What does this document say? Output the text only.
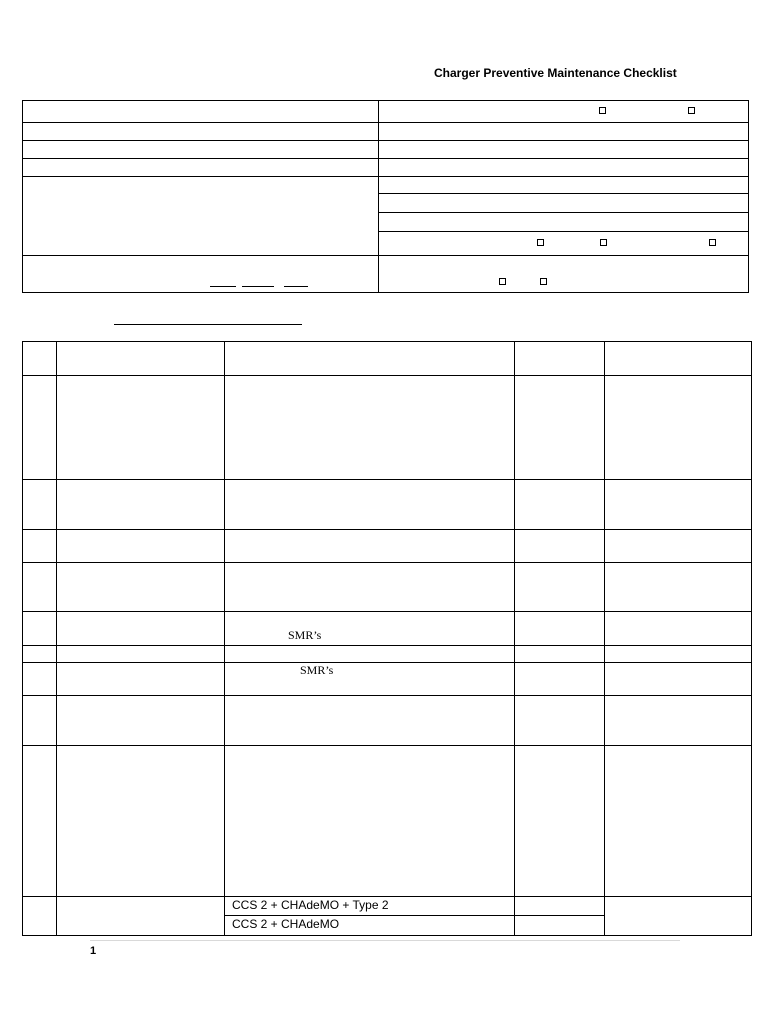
Charger Preventive Maintenance Checklist
SMR’s
SMR’s
CCS 2 + CHAdeMO + Type 2
CCS 2 + CHAdeMO
1
